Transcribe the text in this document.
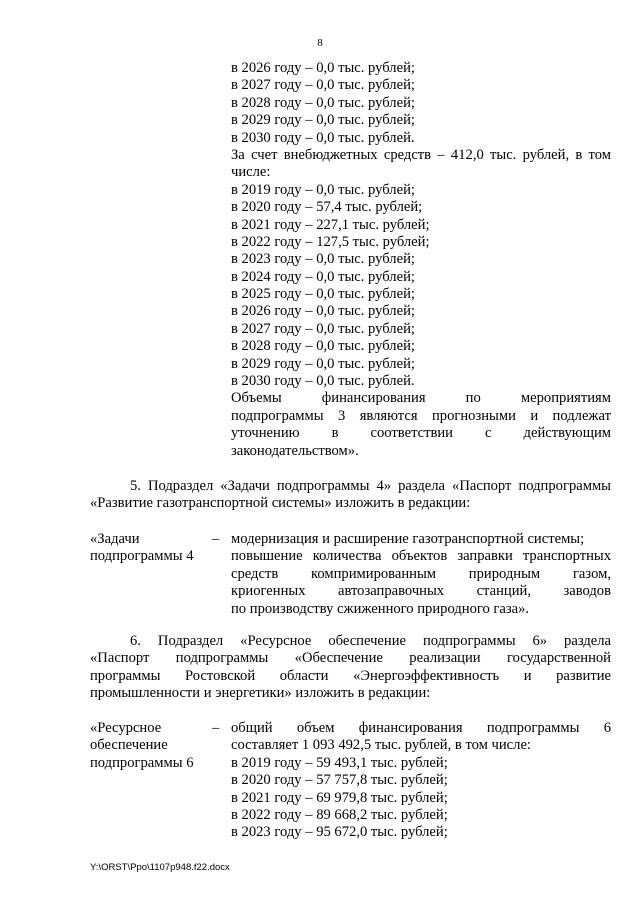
8
в 2026 году – 0,0 тыс. рублей;
в 2027 году – 0,0 тыс. рублей;
в 2028 году – 0,0 тыс. рублей;
в 2029 году – 0,0 тыс. рублей;
в 2030 году – 0,0 тыс. рублей.
За счет внебюджетных средств – 412,0 тыс. рублей, в том
числе:
в 2019 году – 0,0 тыс. рублей;
в 2020 году – 57,4 тыс. рублей;
в 2021 году – 227,1 тыс. рублей;
в 2022 году – 127,5 тыс. рублей;
в 2023 году – 0,0 тыс. рублей;
в 2024 году – 0,0 тыс. рублей;
в 2025 году – 0,0 тыс. рублей;
в 2026 году – 0,0 тыс. рублей;
в 2027 году – 0,0 тыс. рублей;
в 2028 году – 0,0 тыс. рублей;
в 2029 году – 0,0 тыс. рублей;
в 2030 году – 0,0 тыс. рублей.
Объемы финансирования по мероприятиям
подпрограммы 3 являются прогнозными и подлежат
уточнению в соответствии с действующим
законодательством».
5. Подраздел «Задачи подпрограммы 4» раздела «Паспорт подпрограммы
«Развитие газотранспортной системы» изложить в редакции:
«Задачи
подпрограммы 4
– модернизация и расширение газотранспортной системы;
повышение количества объектов заправки транспортных
средств компримированным природным газом,
криогенных автозаправочных станций, заводов
по производству сжиженного природного газа».
6. Подраздел «Ресурсное обеспечение подпрограммы 6» раздела
«Паспорт подпрограммы «Обеспечение реализации государственной
программы Ростовской области «Энергоэффективность и развитие
промышленности и энергетики» изложить в редакции:
«Ресурсное
обеспечение
подпрограммы 6
– общий объем финансирования подпрограммы 6
составляет 1 093 492,5 тыс. рублей, в том числе:
в 2019 году – 59 493,1 тыс. рублей;
в 2020 году – 57 757,8 тыс. рублей;
в 2021 году – 69 979,8 тыс. рублей;
в 2022 году – 89 668,2 тыс. рублей;
в 2023 году – 95 672,0 тыс. рублей;
Y:\ORST\Ppo\1107p948.f22.docx
